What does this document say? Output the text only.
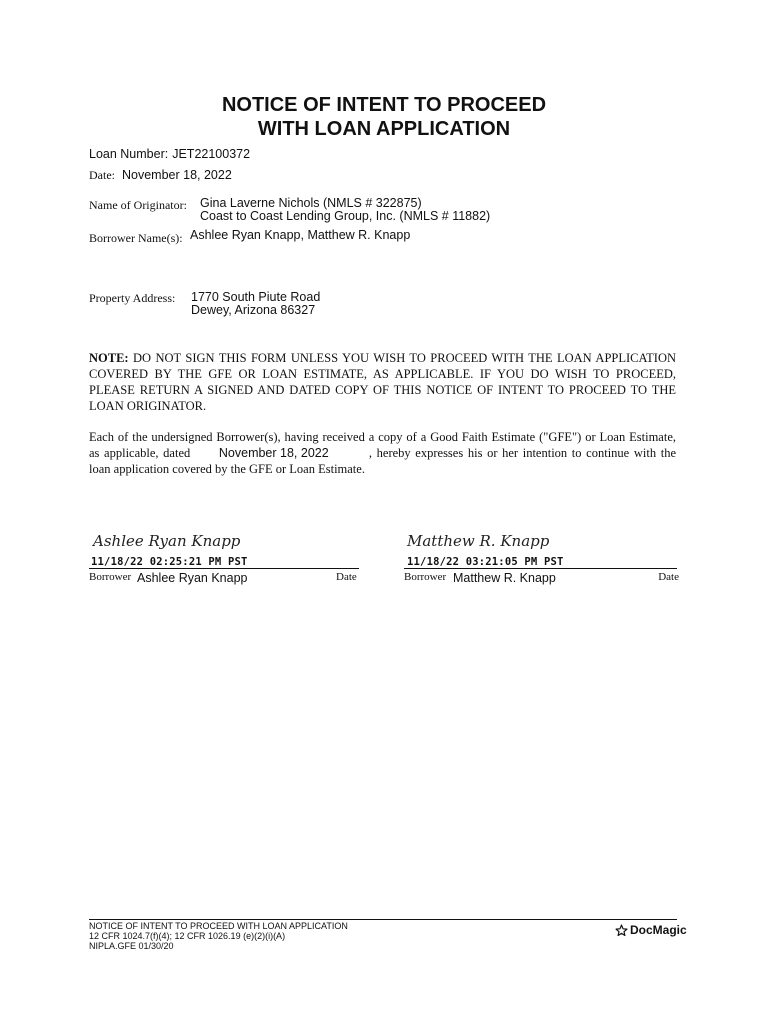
NOTICE OF INTENT TO PROCEED
WITH LOAN APPLICATION
Loan Number: JET22100372
Date: November 18, 2022
Name of Originator: Gina Laverne Nichols (NMLS # 322875)
Coast to Coast Lending Group, Inc. (NMLS # 11882)
Borrower Name(s): Ashlee Ryan Knapp, Matthew R. Knapp
Property Address: 1770 South Piute Road
Dewey, Arizona 86327
NOTE: DO NOT SIGN THIS FORM UNLESS YOU WISH TO PROCEED WITH THE LOAN APPLICATION COVERED BY THE GFE OR LOAN ESTIMATE, AS APPLICABLE. IF YOU DO WISH TO PROCEED, PLEASE RETURN A SIGNED AND DATED COPY OF THIS NOTICE OF INTENT TO PROCEED TO THE LOAN ORIGINATOR.
Each of the undersigned Borrower(s), having received a copy of a Good Faith Estimate ("GFE") or Loan Estimate, as applicable, dated November 18, 2022	, hereby expresses his or her intention to continue with the loan application covered by the GFE or Loan Estimate.
Ashlee Ryan Knapp
11/18/22 02:25:21 PM PST
Borrower Ashlee Ryan Knapp	Date
Matthew R. Knapp
11/18/22 03:21:05 PM PST
Borrower Matthew R. Knapp	Date
NOTICE OF INTENT TO PROCEED WITH LOAN APPLICATION
12 CFR 1024.7(f)(4); 12 CFR 1026.19 (e)(2)(i)(A)
NIPLA.GFE 01/30/20
DocMagic
